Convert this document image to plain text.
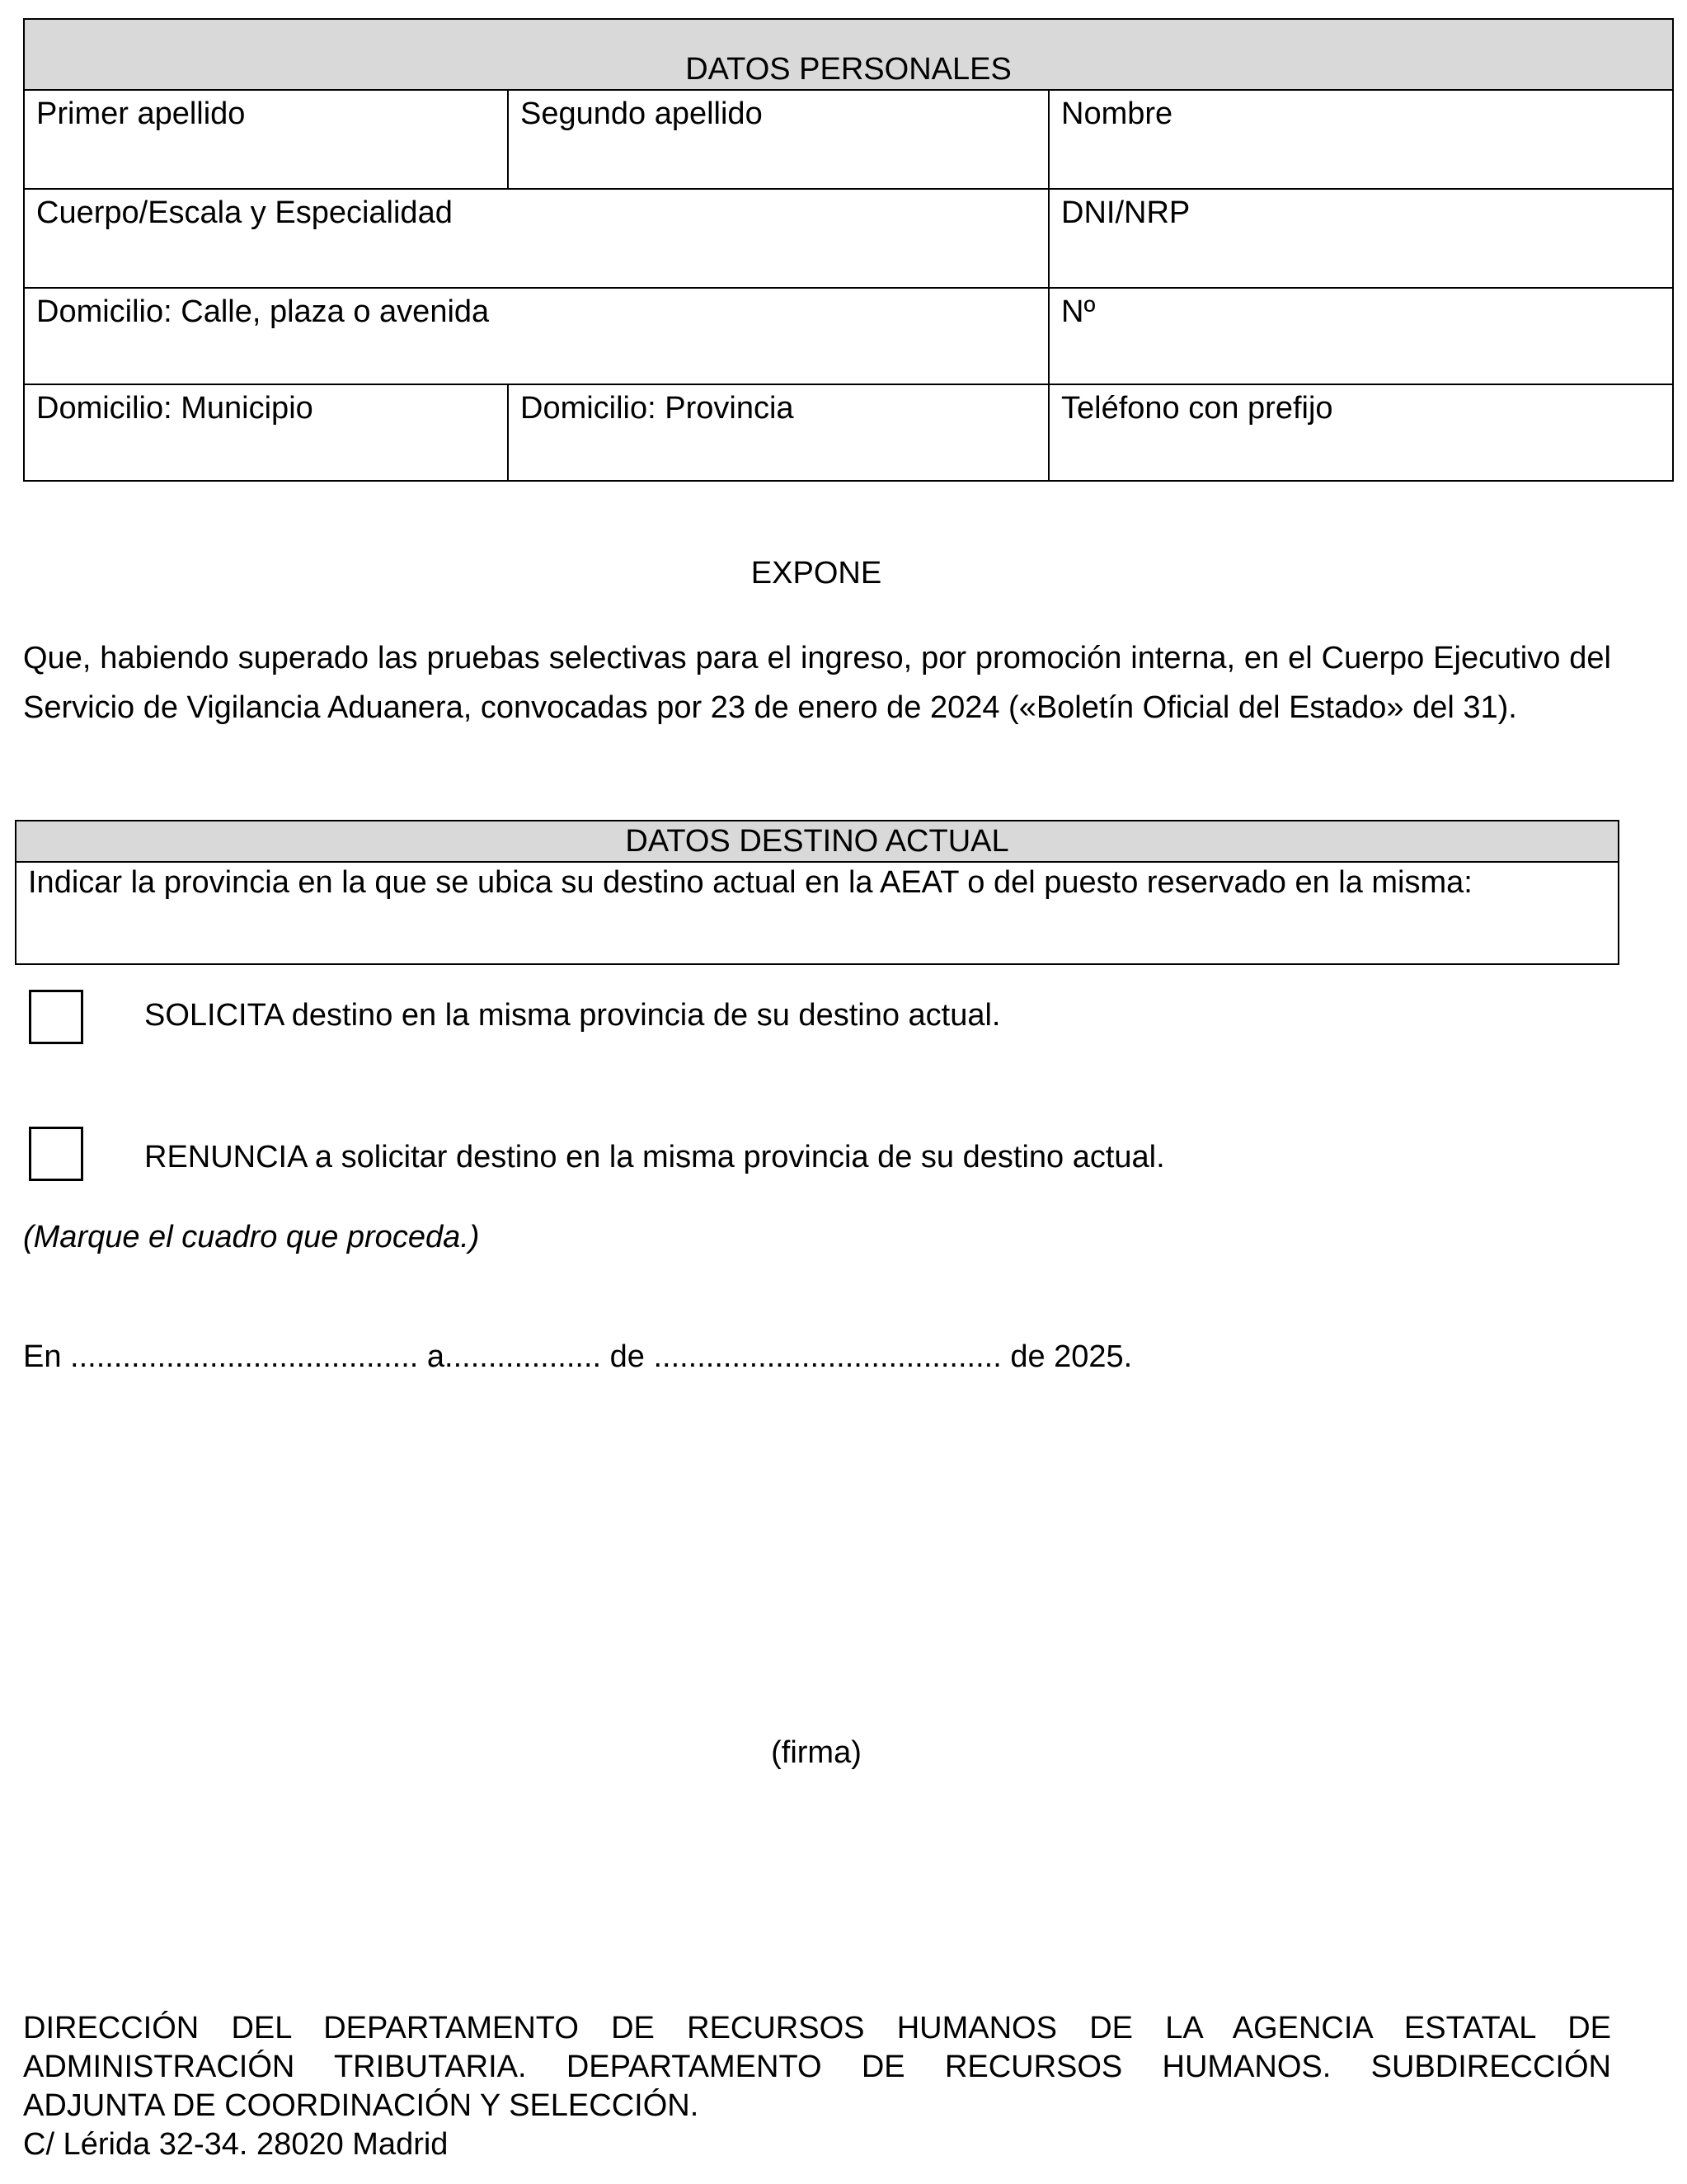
DATOS PERSONALES		

Primer apellido	Segundo apellido	Nombre

Cuerpo/Escala y Especialidad		DNI/NRP

Domicilio: Calle, plaza o avenida		Nº

Domicilio: Municipio	Domicilio: Provincia	Teléfono con prefijo
EXPONE
Que, habiendo superado las pruebas selectivas para el ingreso, por promoción interna, en el Cuerpo Ejecutivo del Servicio de Vigilancia Aduanera, convocadas por 23 de enero de 2024 («Boletín Oficial del Estado» del 31).
DATOS DESTINO ACTUAL

Indicar la provincia en la que se ubica su destino actual en la AEAT o del puesto reservado en la misma:
SOLICITA destino en la misma provincia de su destino actual.
RENUNCIA a solicitar destino en la misma provincia de su destino actual.
(Marque el cuadro que proceda.)
En ........................................ a.................. de ........................................ de 2025.
(firma)
DIRECCIÓN DEL DEPARTAMENTO DE RECURSOS HUMANOS DE LA AGENCIA ESTATAL DE
ADMINISTRACIÓN TRIBUTARIA. DEPARTAMENTO DE RECURSOS HUMANOS. SUBDIRECCIÓN
ADJUNTA DE COORDINACIÓN Y SELECCIÓN.
C/ Lérida 32-34. 28020 Madrid
